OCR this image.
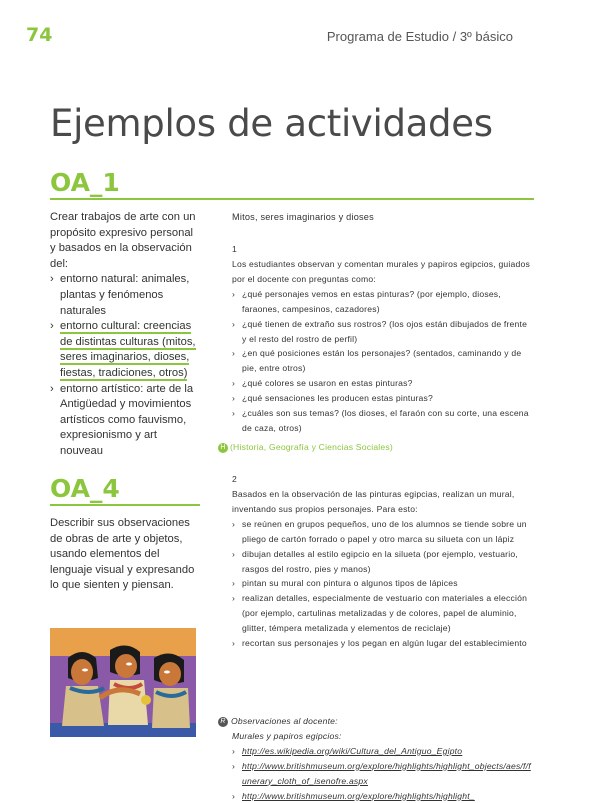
74	Programa de Estudio / 3º básico
Ejemplos de actividades
OA_1

Crear trabajos de arte con un propósito expresivo personal y basados en la observación del:

› entorno natural: animales, plantas y fenómenos naturales
› entorno cultural: creencias de distintas culturas (mitos, seres imaginarios, dioses, fiestas, tradiciones, otros)
› entorno artístico: arte de la Antigüedad y movimientos artísticos como fauvismo, expresionismo y art nouveau
OA_4
Describir sus observaciones de obras de arte y objetos, usando elementos del lenguaje visual y expresando lo que sienten y piensan.
Mitos, seres imaginarios y dioses
1

Los estudiantes observan y comentan murales y papiros egipcios, guiados por el docente con preguntas como:

› ¿qué personajes vemos en estas pinturas? (por ejemplo, dioses, faraones, campesinos, cazadores)
› ¿qué tienen de extraño sus rostros? (los ojos están dibujados de frente y el resto del rostro de perfil)
› ¿en qué posiciones están los personajes? (sentados, caminando y de pie, entre otros)
› ¿qué colores se usaron en estas pinturas?
› ¿qué sensaciones les producen estas pinturas?
› ¿cuáles son sus temas? (los dioses, el faraón con su corte, una escena de caza, otros)
H (Historia, Geografía y Ciencias Sociales)
2

Basados en la observación de las pinturas egipcias, realizan un mural, inventando sus propios personajes. Para esto:

› se reúnen en grupos pequeños, uno de los alumnos se tiende sobre un pliego de cartón forrado o papel y otro marca su silueta con un lápiz
› dibujan detalles al estilo egipcio en la silueta (por ejemplo, vestuario, rasgos del rostro, pies y manos)
› pintan su mural con pintura o algunos tipos de lápices
› realizan detalles, especialmente de vestuario con materiales a elección (por ejemplo, cartulinas metalizadas y de colores, papel de aluminio, glitter, témpera metalizada y elementos de reciclaje)
› recortan sus personajes y los pegan en algún lugar del establecimiento

R Observaciones al docente:

Murales y papiros egipcios:

› http://es.wikipedia.org/wiki/Cultura_del_Antiguo_Egipto
› http://www.britishmuseum.org/explore/highlights/highlight_objects/aes/f/funerary_cloth_of_isenofre.aspx
› http://www.britishmuseum.org/explore/highlights/highlight_
